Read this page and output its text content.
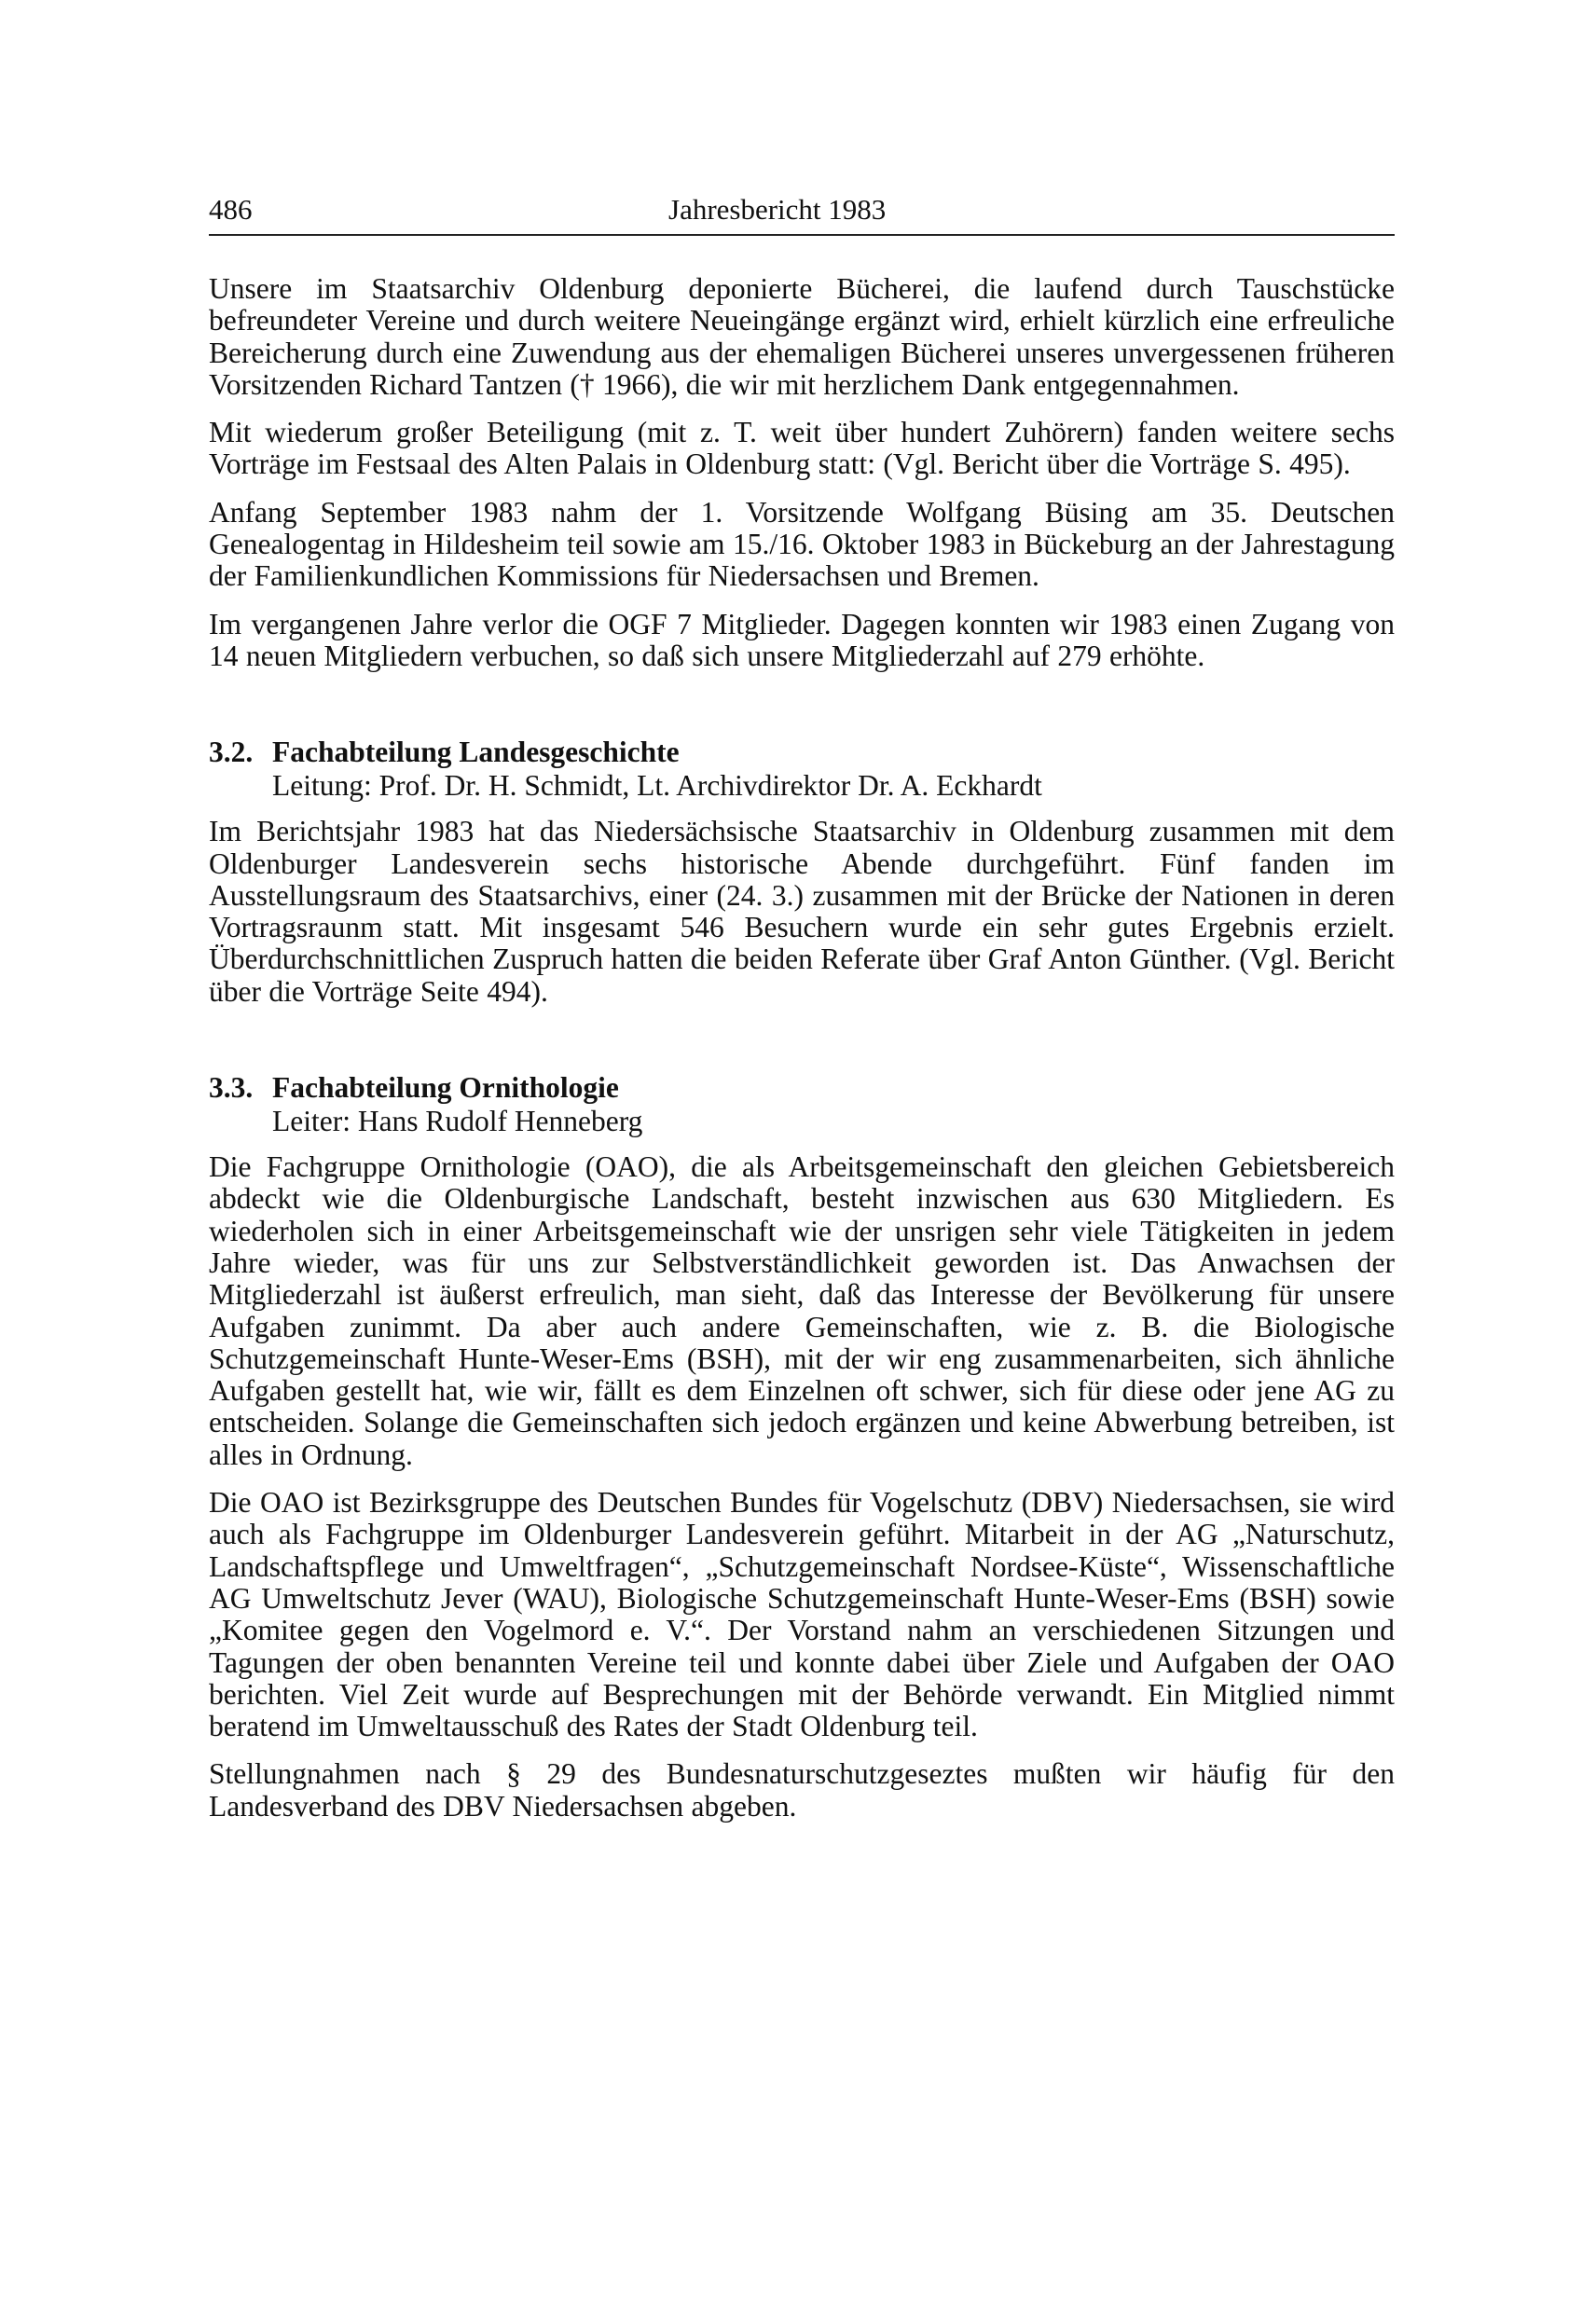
486	Jahresbericht 1983

Unsere im Staatsarchiv Oldenburg deponierte Bücherei, die laufend durch Tauschstücke befreundeter Vereine und durch weitere Neueingänge ergänzt wird, erhielt kürzlich eine erfreuliche Bereicherung durch eine Zuwendung aus der ehemaligen Bücherei unseres unvergessenen früheren Vorsitzenden Richard Tantzen († 1966), die wir mit herzlichem Dank entgegennahmen.

Mit wiederum großer Beteiligung (mit z. T. weit über hundert Zuhörern) fanden weitere sechs Vorträge im Festsaal des Alten Palais in Oldenburg statt: (Vgl. Bericht über die Vorträge S. 495).

Anfang September 1983 nahm der 1. Vorsitzende Wolfgang Büsing am 35. Deutschen Genealogentag in Hildesheim teil sowie am 15./16. Oktober 1983 in Bückeburg an der Jahrestagung der Familienkundlichen Kommissions für Niedersachsen und Bremen.

Im vergangenen Jahre verlor die OGF 7 Mitglieder. Dagegen konnten wir 1983 einen Zugang von 14 neuen Mitgliedern verbuchen, so daß sich unsere Mitgliederzahl auf 279 erhöhte.

3.2. Fachabteilung Landesgeschichte
Leitung: Prof. Dr. H. Schmidt, Lt. Archivdirektor Dr. A. Eckhardt

Im Berichtsjahr 1983 hat das Niedersächsische Staatsarchiv in Oldenburg zusammen mit dem Oldenburger Landesverein sechs historische Abende durchgeführt. Fünf fanden im Ausstellungsraum des Staatsarchivs, einer (24. 3.) zusammen mit der Brücke der Nationen in deren Vortragsraunm statt. Mit insgesamt 546 Besuchern wurde ein sehr gutes Ergebnis erzielt. Überdurchschnittlichen Zuspruch hatten die beiden Referate über Graf Anton Günther. (Vgl. Bericht über die Vorträge Seite 494).

3.3. Fachabteilung Ornithologie
Leiter: Hans Rudolf Henneberg

Die Fachgruppe Ornithologie (OAO), die als Arbeitsgemeinschaft den gleichen Gebietsbereich abdeckt wie die Oldenburgische Landschaft, besteht inzwischen aus 630 Mitgliedern. Es wiederholen sich in einer Arbeitsgemeinschaft wie der unsrigen sehr viele Tätigkeiten in jedem Jahre wieder, was für uns zur Selbstverständlichkeit geworden ist. Das Anwachsen der Mitgliederzahl ist äußerst erfreulich, man sieht, daß das Interesse der Bevölkerung für unsere Aufgaben zunimmt. Da aber auch andere Gemeinschaften, wie z. B. die Biologische Schutzgemeinschaft Hunte-Weser-Ems (BSH), mit der wir eng zusammenarbeiten, sich ähnliche Aufgaben gestellt hat, wie wir, fällt es dem Einzelnen oft schwer, sich für diese oder jene AG zu entscheiden. Solange die Gemeinschaften sich jedoch ergänzen und keine Abwerbung betreiben, ist alles in Ordnung.

Die OAO ist Bezirksgruppe des Deutschen Bundes für Vogelschutz (DBV) Niedersachsen, sie wird auch als Fachgruppe im Oldenburger Landesverein geführt. Mitarbeit in der AG „Naturschutz, Landschaftspflege und Umweltfragen“, „Schutzgemeinschaft Nordsee-Küste“, Wissenschaftliche AG Umweltschutz Jever (WAU), Biologische Schutzgemeinschaft Hunte-Weser-Ems (BSH) sowie „Komitee gegen den Vogelmord e. V.“. Der Vorstand nahm an verschiedenen Sitzungen und Tagungen der oben benannten Vereine teil und konnte dabei über Ziele und Aufgaben der OAO berichten. Viel Zeit wurde auf Besprechungen mit der Behörde verwandt. Ein Mitglied nimmt beratend im Umweltausschuß des Rates der Stadt Oldenburg teil.

Stellungnahmen nach § 29 des Bundesnaturschutzgeseztes mußten wir häufig für den Landesverband des DBV Niedersachsen abgeben.
